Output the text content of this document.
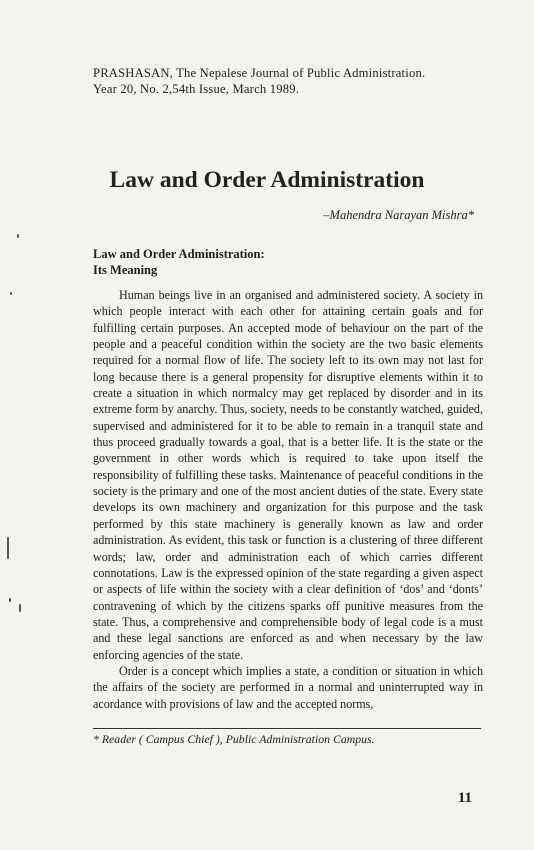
PRASHASAN, The Nepalese Journal of Public Administration.
Year 20, No. 2,54th Issue, March 1989.
Law and Order Administration
–Mahendra Narayan Mishra*
Law and Order Administration:
Its Meaning

Human beings live in an organised and administered society. A society in which people interact with each other for attaining certain goals and for fulfilling certain purposes. An accepted mode of behaviour on the part of the people and a peaceful condition within the society are the two basic elements required for a normal flow of life. The society left to its own may not last for long because there is a general propensity for disruptive elements within it to create a situation in which normalcy may get replaced by disorder and in its extreme form by anarchy. Thus, society, needs to be constantly watched, guided, supervised and administered for it to be able to remain in a tranquil state and thus proceed gradually towards a goal, that is a better life. It is the state or the government in other words which is required to take upon itself the responsibility of fulfilling these tasks. Maintenance of peaceful conditions in the society is the primary and one of the most ancient duties of the state. Every state develops its own machinery and organization for this purpose and the task performed by this state machinery is generally known as law and order administration. As evident, this task or function is a clustering of three different words; law, order and administration each of which carries different connotations. Law is the expressed opinion of the state regarding a given aspect or aspects of life within the society with a clear definition of ‘dos’ and ‘donts’ contravening of which by the citizens sparks off punitive measures from the state. Thus, a comprehensive and comprehensible body of legal code is a must and these legal sanctions are enforced as and when necessary by the law enforcing agencies of the state.

Order is a concept which implies a state, a condition or situation in which the affairs of the society are performed in a normal and uninterrupted way in acordance with provisions of law and the accepted norms,

* Reader ( Campus Chief ), Public Administration Campus.
11
